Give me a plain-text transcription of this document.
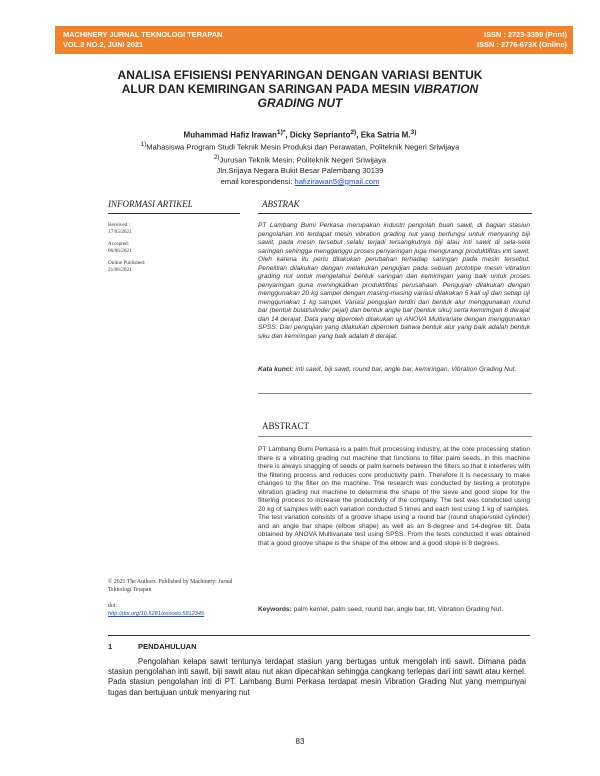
MACHINERY JURNAL TEKNOLOGI TERAPAN
VOL.2 NO.2, JUNI 2021
ISSN : 2723-3359 (Print)
ISSN : 2776-673X (Online)
ANALISA EFISIENSI PENYARINGAN DENGAN VARIASI BENTUK
ALUR DAN KEMIRINGAN SARINGAN PADA MESIN VIBRATION
GRADING NUT
Muhammad Hafiz Irawan$^{1)*}$, Dicky Seprianto$^{2)}$, Eka Satria M.$^{3)}$
$^{1)}$Mahasiswa Program Studi Teknik Mesin Produksi dan Perawatan, Politeknik Negeri Sriwijaya
$^{2)}$Jurusan Teknik Mesin, Politeknik Negeri Sriwijaya
Jln.Srijaya Negara Bukit Besar Palembang 30139
email korespondensi: hafizirawan5@gmail.com
INFORMASI ARTIKEL
Received :
17/05/2021
Accepted:
06/06/2021
Online Published:
21/06/2021
ABSTRAK
PT Lambang Bumi Perkasa merupakan industri pengolah buah sawit, di bagian stasiun pengolahan inti terdapat mesin vibration grading nut yang berfungsi untuk menyaring biji sawit, pada mesin tersebut selalu terjadi tersangkutnya biji atau inti sawit di sela-sela saringan sehingga mengganggu proses penyaringan juga mengurangi produktifitas inti sawit. Oleh karena itu perlu dilakukan perubahan terhadap saringan pada mesin tersebut. Penelitian dilakukan dengan melakukan pengujian pada sebuah prototipe mesin vibration grading nut untuk mengetahui bentuk saringan dan kemiringan yang baik untuk proses penyaringan guna meningkatkan produktifitas perusahaan. Pengujian dilakukan dengan menggunakan 20 kg sampel dengan masing-masing variasi dilakukan 5 kali uji dan setiap uji menggunakan 1 kg sampel. Variasi pengujian terdiri dari bentuk alur menggunakan round bar (bentuk bulat/silinder pejal) dan bentuk angle bar (bentuk siku) serta kemiringan 8 derajat dan 14 derajat. Data yang diperoleh dilakukan uji ANOVA Multivariate dengan menggunakan SPSS. Dari pengujian yang dilakukan diperoleh bahwa bentuk alur yang baik adalah bentuk siku dan kemiringan yang baik adalah 8 derajat.
Kata kunci: inti sawit, biji sawit, round bar, angle bar, kemiringan, Vibration Grading Nut.
ABSTRACT
PT Lambang Bumi Perkasa is a palm fruit processing industry, at the core processing station there is a vibrating grading nut machine that functions to filter palm seeds, in this machine there is always snagging of seeds or palm kernels between the filters so that it interferes with the filtering process and reduces core productivity palm. Therefore it is necessary to make changes to the filter on the machine. The research was conducted by testing a prototype vibration grading nut machine to determine the shape of the sieve and good slope for the filtering process to increase the productivity of the company. The test was conducted using 20 kg of samples with each variation conducted 5 times and each test using 1 kg of samples. The test variation consists of a groove shape using a round bar (round shape/solid cylinder) and an angle bar shape (elbow shape) as well as an 8-degree and 14-degree tilt. Data obtained by ANOVA Multivariate test using SPSS. From the tests conducted it was obtained that a good groove shape is the shape of the elbow and a good slope is 8 degrees.
Keywords: palm kernel, palm seed, round bar, angle bar, tilt, Vibration Grading Nut.
© 2021 The Authors. Published by Machinery: Jurnal Teknologi Terapan
doi:
http://doi.org/10.5281/zenodo.5812345
1	PENDAHULUAN
Pengolahan kelapa sawit tentunya terdapat stasiun yang bertugas untuk mengolah inti sawit. Dimana pada stasiun pengolahan inti sawit, biji sawit atau nut akan dipecahkan sehingga cangkang terlepas dari inti sawit atau kernel. Pada stasiun pengolahan inti di PT. Lambang Bumi Perkasa terdapat mesin Vibration Grading Nut yang mempunyai tugas dan bertujuan untuk menyaring nut
83
